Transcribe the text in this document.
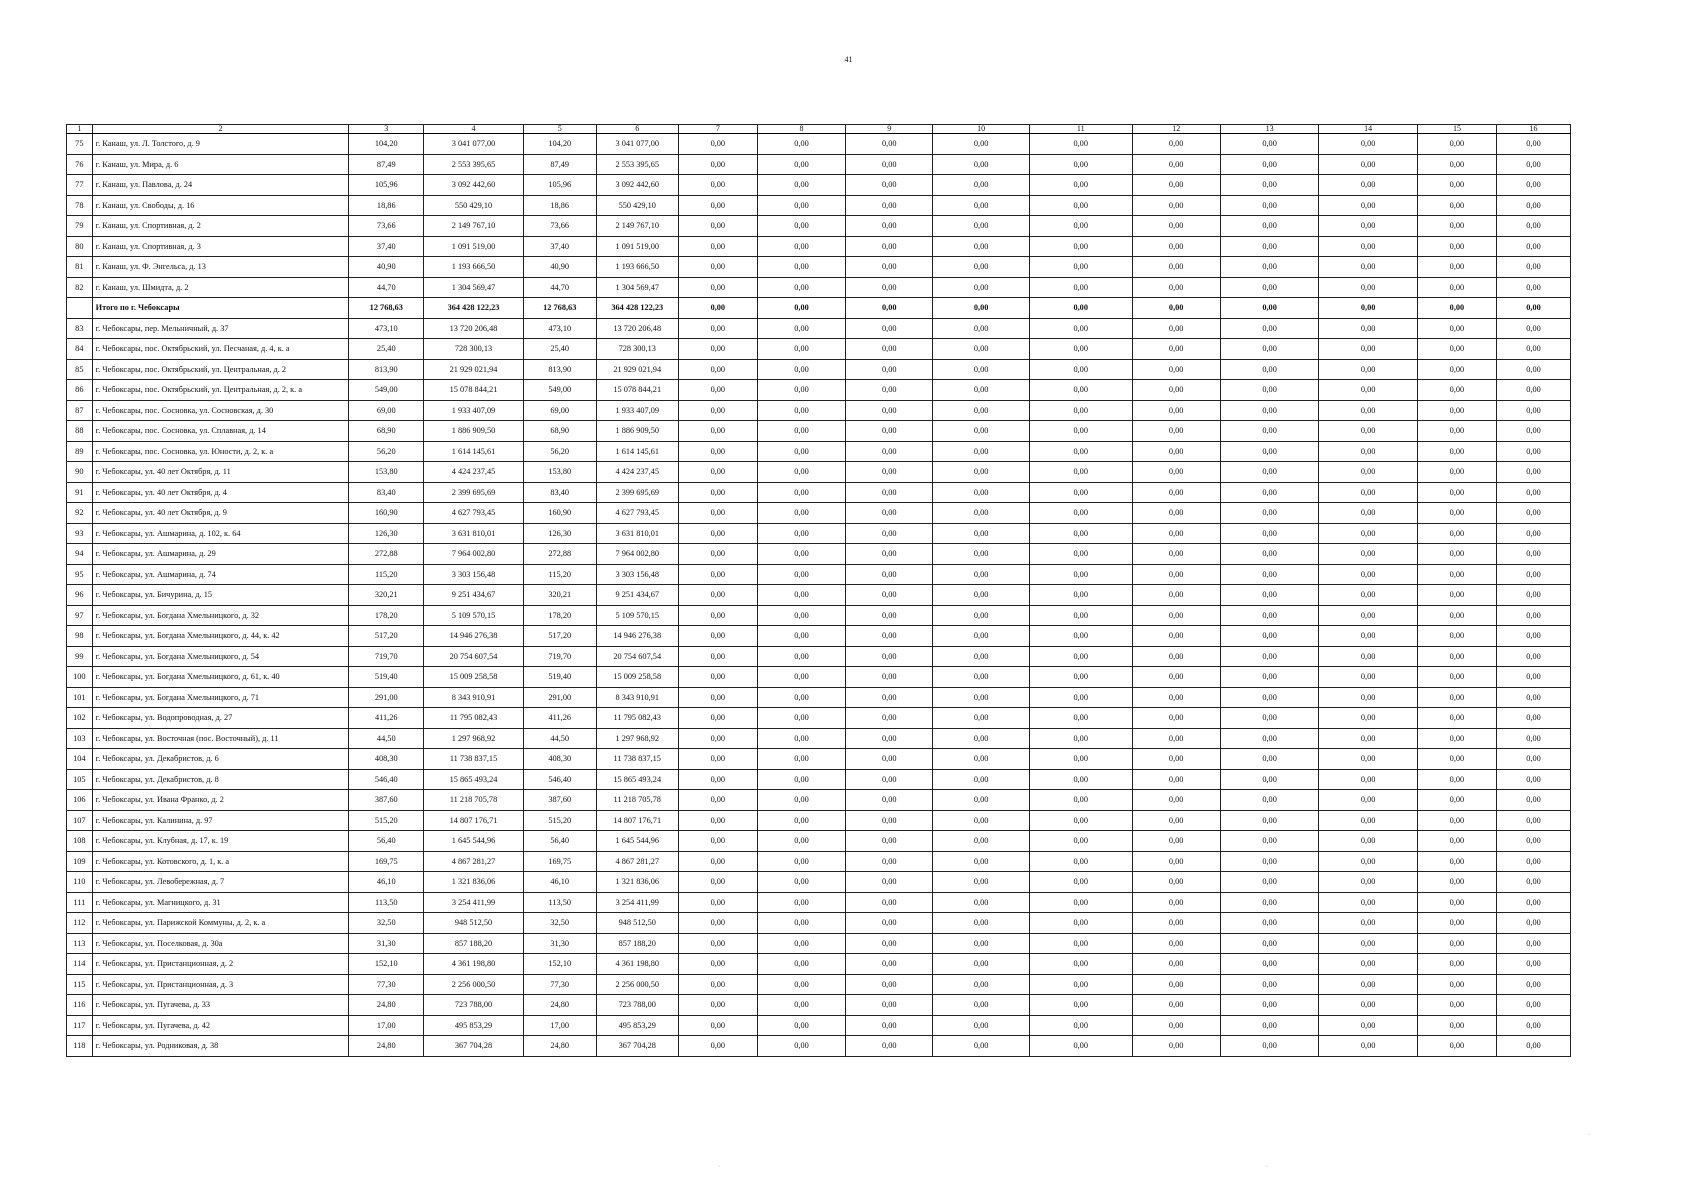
41
1	2	3	4	5	6	7	8	9	10	11	12	13	14	15	16
75	г. Канаш, ул. Л. Толстого, д. 9	104,20	3 041 077,00	104,20	3 041 077,00	0,00	0,00	0,00	0,00	0,00	0,00	0,00	0,00	0,00	0,00
76	г. Канаш, ул. Мира, д. 6	87,49	2 553 395,65	87,49	2 553 395,65	0,00	0,00	0,00	0,00	0,00	0,00	0,00	0,00	0,00	0,00
77	г. Канаш, ул. Павлова, д. 24	105,96	3 092 442,60	105,96	3 092 442,60	0,00	0,00	0,00	0,00	0,00	0,00	0,00	0,00	0,00	0,00
78	г. Канаш, ул. Свободы, д. 16	18,86	550 429,10	18,86	550 429,10	0,00	0,00	0,00	0,00	0,00	0,00	0,00	0,00	0,00	0,00
79	г. Канаш, ул. Спортивная, д. 2	73,66	2 149 767,10	73,66	2 149 767,10	0,00	0,00	0,00	0,00	0,00	0,00	0,00	0,00	0,00	0,00
80	г. Канаш, ул. Спортивная, д. 3	37,40	1 091 519,00	37,40	1 091 519,00	0,00	0,00	0,00	0,00	0,00	0,00	0,00	0,00	0,00	0,00
81	г. Канаш, ул. Ф. Энгельса, д. 13	40,90	1 193 666,50	40,90	1 193 666,50	0,00	0,00	0,00	0,00	0,00	0,00	0,00	0,00	0,00	0,00
82	г. Канаш, ул. Шмидта, д. 2	44,70	1 304 569,47	44,70	1 304 569,47	0,00	0,00	0,00	0,00	0,00	0,00	0,00	0,00	0,00	0,00
	Итого по г. Чебоксары	12 768,63	364 428 122,23	12 768,63	364 428 122,23	0,00	0,00	0,00	0,00	0,00	0,00	0,00	0,00	0,00	0,00
83	г. Чебоксары, пер. Мельничный, д. 37	473,10	13 720 206,48	473,10	13 720 206,48	0,00	0,00	0,00	0,00	0,00	0,00	0,00	0,00	0,00	0,00
84	г. Чебоксары, пос. Октябрьский, ул. Песчаная, д. 4, к. а	25,40	728 300,13	25,40	728 300,13	0,00	0,00	0,00	0,00	0,00	0,00	0,00	0,00	0,00	0,00
85	г. Чебоксары, пос. Октябрьский, ул. Центральная, д. 2	813,90	21 929 021,94	813,90	21 929 021,94	0,00	0,00	0,00	0,00	0,00	0,00	0,00	0,00	0,00	0,00
86	г. Чебоксары, пос. Октябрьский, ул. Центральная, д. 2, к. а	549,00	15 078 844,21	549,00	15 078 844,21	0,00	0,00	0,00	0,00	0,00	0,00	0,00	0,00	0,00	0,00
87	г. Чебоксары, пос. Сосновка, ул. Сосновская, д. 30	69,00	1 933 407,09	69,00	1 933 407,09	0,00	0,00	0,00	0,00	0,00	0,00	0,00	0,00	0,00	0,00
88	г. Чебоксары, пос. Сосновка, ул. Сплавная, д. 14	68,90	1 886 909,50	68,90	1 886 909,50	0,00	0,00	0,00	0,00	0,00	0,00	0,00	0,00	0,00	0,00
89	г. Чебоксары, пос. Сосновка, ул. Юности, д. 2, к. а	56,20	1 614 145,61	56,20	1 614 145,61	0,00	0,00	0,00	0,00	0,00	0,00	0,00	0,00	0,00	0,00
90	г. Чебоксары, ул. 40 лет Октября, д. 11	153,80	4 424 237,45	153,80	4 424 237,45	0,00	0,00	0,00	0,00	0,00	0,00	0,00	0,00	0,00	0,00
91	г. Чебоксары, ул. 40 лет Октября, д. 4	83,40	2 399 695,69	83,40	2 399 695,69	0,00	0,00	0,00	0,00	0,00	0,00	0,00	0,00	0,00	0,00
92	г. Чебоксары, ул. 40 лет Октября, д. 9	160,90	4 627 793,45	160,90	4 627 793,45	0,00	0,00	0,00	0,00	0,00	0,00	0,00	0,00	0,00	0,00
93	г. Чебоксары, ул. Ашмарина, д. 102, к. 64	126,30	3 631 810,01	126,30	3 631 810,01	0,00	0,00	0,00	0,00	0,00	0,00	0,00	0,00	0,00	0,00
94	г. Чебоксары, ул. Ашмарина, д. 29	272,88	7 964 002,80	272,88	7 964 002,80	0,00	0,00	0,00	0,00	0,00	0,00	0,00	0,00	0,00	0,00
95	г. Чебоксары, ул. Ашмарина, д. 74	115,20	3 303 156,48	115,20	3 303 156,48	0,00	0,00	0,00	0,00	0,00	0,00	0,00	0,00	0,00	0,00
96	г. Чебоксары, ул. Бичурина, д. 15	320,21	9 251 434,67	320,21	9 251 434,67	0,00	0,00	0,00	0,00	0,00	0,00	0,00	0,00	0,00	0,00
97	г. Чебоксары, ул. Богдана Хмельницкого, д. 32	178,20	5 109 570,15	178,20	5 109 570,15	0,00	0,00	0,00	0,00	0,00	0,00	0,00	0,00	0,00	0,00
98	г. Чебоксары, ул. Богдана Хмельницкого, д. 44, к. 42	517,20	14 946 276,38	517,20	14 946 276,38	0,00	0,00	0,00	0,00	0,00	0,00	0,00	0,00	0,00	0,00
99	г. Чебоксары, ул. Богдана Хмельницкого, д. 54	719,70	20 754 607,54	719,70	20 754 607,54	0,00	0,00	0,00	0,00	0,00	0,00	0,00	0,00	0,00	0,00
100	г. Чебоксары, ул. Богдана Хмельницкого, д. 61, к. 40	519,40	15 009 258,58	519,40	15 009 258,58	0,00	0,00	0,00	0,00	0,00	0,00	0,00	0,00	0,00	0,00
101	г. Чебоксары, ул. Богдана Хмельницкого, д. 71	291,00	8 343 910,91	291,00	8 343 910,91	0,00	0,00	0,00	0,00	0,00	0,00	0,00	0,00	0,00	0,00
102	г. Чебоксары, ул. Водопроводная, д. 27	411,26	11 795 082,43	411,26	11 795 082,43	0,00	0,00	0,00	0,00	0,00	0,00	0,00	0,00	0,00	0,00
103	г. Чебоксары, ул. Восточная (пос. Восточный), д. 11	44,50	1 297 968,92	44,50	1 297 968,92	0,00	0,00	0,00	0,00	0,00	0,00	0,00	0,00	0,00	0,00
104	г. Чебоксары, ул. Декабристов, д. 6	408,30	11 738 837,15	408,30	11 738 837,15	0,00	0,00	0,00	0,00	0,00	0,00	0,00	0,00	0,00	0,00
105	г. Чебоксары, ул. Декабристов, д. 8	546,40	15 865 493,24	546,40	15 865 493,24	0,00	0,00	0,00	0,00	0,00	0,00	0,00	0,00	0,00	0,00
106	г. Чебоксары, ул. Ивана Франко, д. 2	387,60	11 218 705,78	387,60	11 218 705,78	0,00	0,00	0,00	0,00	0,00	0,00	0,00	0,00	0,00	0,00
107	г. Чебоксары, ул. Калинина, д. 97	515,20	14 807 176,71	515,20	14 807 176,71	0,00	0,00	0,00	0,00	0,00	0,00	0,00	0,00	0,00	0,00
108	г. Чебоксары, ул. Клубная, д. 17, к. 19	56,40	1 645 544,96	56,40	1 645 544,96	0,00	0,00	0,00	0,00	0,00	0,00	0,00	0,00	0,00	0,00
109	г. Чебоксары, ул. Котовского, д. 1, к. а	169,75	4 867 281,27	169,75	4 867 281,27	0,00	0,00	0,00	0,00	0,00	0,00	0,00	0,00	0,00	0,00
110	г. Чебоксары, ул. Левобережная, д. 7	46,10	1 321 836,06	46,10	1 321 836,06	0,00	0,00	0,00	0,00	0,00	0,00	0,00	0,00	0,00	0,00
111	г. Чебоксары, ул. Магницкого, д. 31	113,50	3 254 411,99	113,50	3 254 411,99	0,00	0,00	0,00	0,00	0,00	0,00	0,00	0,00	0,00	0,00
112	г. Чебоксары, ул. Парижской Коммуны, д. 2, к. а	32,50	948 512,50	32,50	948 512,50	0,00	0,00	0,00	0,00	0,00	0,00	0,00	0,00	0,00	0,00
113	г. Чебоксары, ул. Поселковая, д. 30а	31,30	857 188,20	31,30	857 188,20	0,00	0,00	0,00	0,00	0,00	0,00	0,00	0,00	0,00	0,00
114	г. Чебоксары, ул. Пристанционная, д. 2	152,10	4 361 198,80	152,10	4 361 198,80	0,00	0,00	0,00	0,00	0,00	0,00	0,00	0,00	0,00	0,00
115	г. Чебоксары, ул. Пристанционная, д. 3	77,30	2 256 000,50	77,30	2 256 000,50	0,00	0,00	0,00	0,00	0,00	0,00	0,00	0,00	0,00	0,00
116	г. Чебоксары, ул. Пугачева, д. 33	24,80	723 788,00	24,80	723 788,00	0,00	0,00	0,00	0,00	0,00	0,00	0,00	0,00	0,00	0,00
117	г. Чебоксары, ул. Пугачева, д. 42	17,00	495 853,29	17,00	495 853,29	0,00	0,00	0,00	0,00	0,00	0,00	0,00	0,00	0,00	0,00
118	г. Чебоксары, ул. Родниковая, д. 38	24,80	367 704,28	24,80	367 704,28	0,00	0,00	0,00	0,00	0,00	0,00	0,00	0,00	0,00	0,00
·	·
·
